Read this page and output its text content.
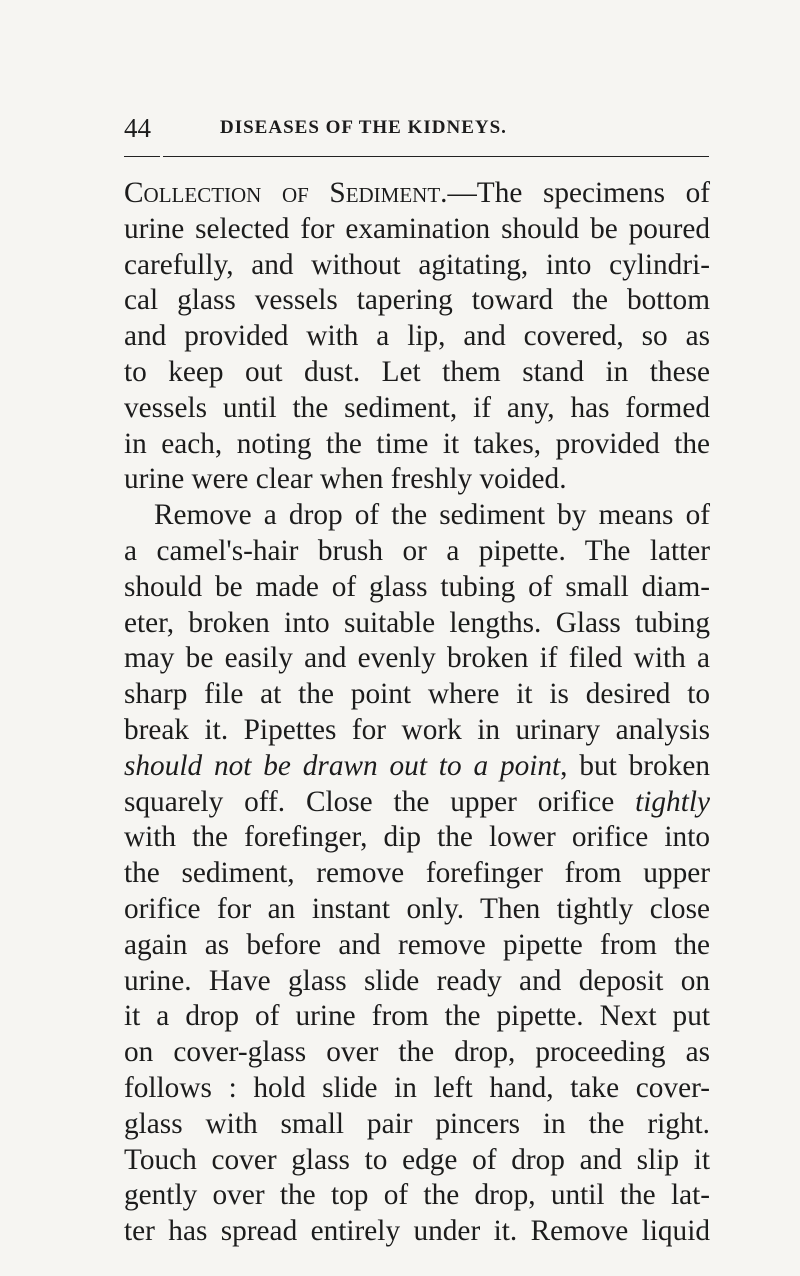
44	DISEASES OF THE KIDNEYS.
Collection of Sediment.—The specimens of
urine selected for examination should be poured
carefully, and without agitating, into cylindri-
cal glass vessels tapering toward the bottom
and provided with a lip, and covered, so as
to keep out dust. Let them stand in these
vessels until the sediment, if any, has formed
in each, noting the time it takes, provided the
urine were clear when freshly voided.
Remove a drop of the sediment by means of
a camel's-hair brush or a pipette. The latter
should be made of glass tubing of small diam-
eter, broken into suitable lengths. Glass tubing
may be easily and evenly broken if filed with a
sharp file at the point where it is desired to
break it. Pipettes for work in urinary analysis
should not be drawn out to a point, but broken
squarely off. Close the upper orifice tightly
with the forefinger, dip the lower orifice into
the sediment, remove forefinger from upper
orifice for an instant only. Then tightly close
again as before and remove pipette from the
urine. Have glass slide ready and deposit on
it a drop of urine from the pipette. Next put
on cover-glass over the drop, proceeding as
follows : hold slide in left hand, take cover-
glass with small pair pincers in the right.
Touch cover glass to edge of drop and slip it
gently over the top of the drop, until the lat-
ter has spread entirely under it. Remove liquid
